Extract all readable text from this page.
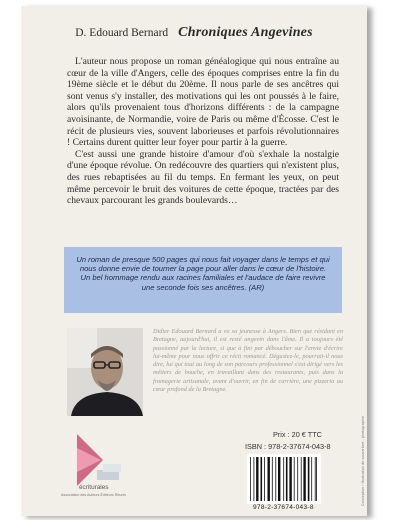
D. Edouard Bernard Chroniques Angevines

L'auteur nous propose un roman généalogique qui nous entraîne au cœur de la ville d'Angers, celle des époques comprises entre la fin du 19ème siècle et le début du 20ème. Il nous parle de ses ancêtres qui sont venus s'y installer, des motivations qui les ont poussés à le faire, alors qu'ils provenaient tous d'horizons différents : de la campagne avoisinante, de Normandie, voire de Paris ou même d'Écosse. C'est le récit de plusieurs vies, souvent laborieuses et parfois révolutionnaires ! Certains durent quitter leur foyer pour partir à la guerre.

C'est aussi une grande histoire d'amour d'où s'exhale la nostalgie d'une époque révolue. On redécouvre des quartiers qui n'existent plus, des rues rebaptisées au fil du temps. En fermant les yeux, on peut même percevoir le bruit des voitures de cette époque, tractées par des chevaux parcourant les grands boulevards…

Un roman de presque 500 pages qui nous fait voyager dans le temps et qui nous donne envie de tourner la page pour aller dans le cœur de l'histoire. Un bel hommage rendu aux racines familiales et l'audace de faire revivre une seconde fois ses ancêtres. (AR)
Didier Edouard Bernard a vu sa jeunesse à Angers. Bien que résidant en Bretagne, aujourd'hui, il est resté angevin dans l'âme. Il a toujours été passionné par la lecture, si que à fini par déboucher sur l'envie d'écrire lui-même pour nous offrir ce récit romancé. Dégustez-le, pourrait-il nous dire, lui qui tout au long de son parcours professionnel s'est dirigé vers les métiers de bouche, en travaillant dans des restaurants, puis dans la fromagerie artisanale, avant d'ouvrir, en fin de carrière, une pizzeria au cœur profond de la Bretagne.
écriturales
Association des Auteurs-Éditeurs Réunis
Prix : 20 € TTC
ISBN : 978-2-37674-043-8
978-2-37674-043-8
Conception / Illustration de couverture - photographie
